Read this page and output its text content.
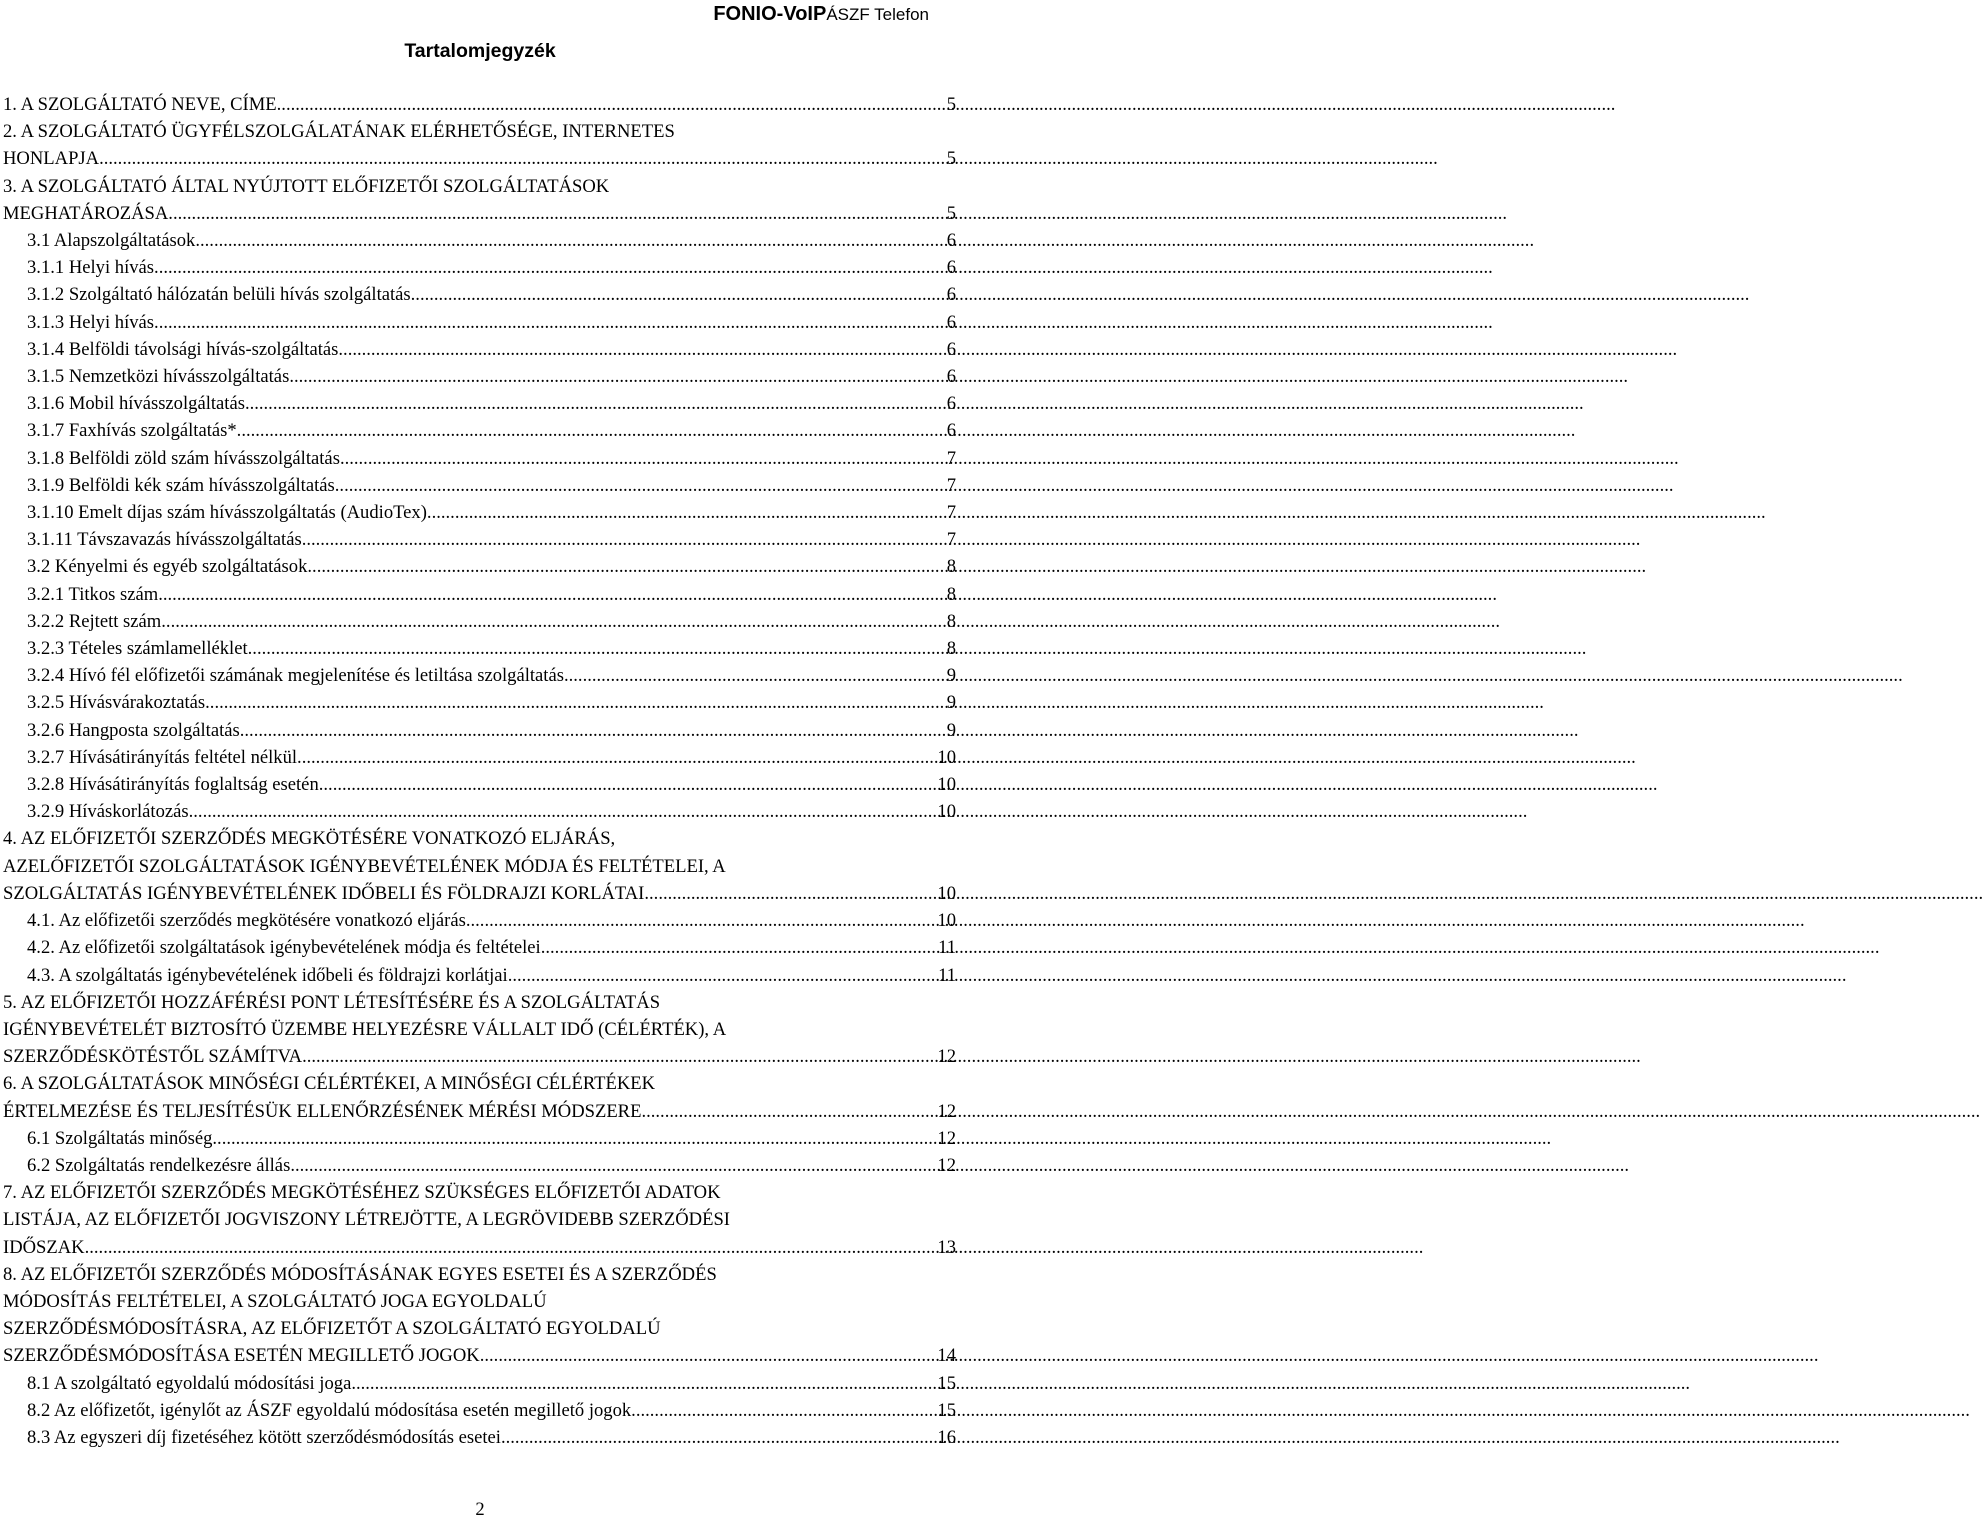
FONIO-VoIPÁSZF Telefon
Tartalomjegyzék
1. A SZOLGÁLTATÓ NEVE, CÍME .....	5
2. A SZOLGÁLTATÓ ÜGYFÉLSZOLGÁLATÁNAK ELÉRHETŐSÉGE, INTERNETES
HONLAPJA .....	5
3. A SZOLGÁLTATÓ ÁLTAL NYÚJTOTT ELŐFIZETŐI SZOLGÁLTATÁSOK
MEGHATÁROZÁSA .....	5
3.1 Alapszolgáltatások .....	6
3.1.1 Helyi hívás .....	6
3.1.2 Szolgáltató hálózatán belüli hívás szolgáltatás .....	6
3.1.3 Helyi hívás .....	6
3.1.4 Belföldi távolsági hívás-szolgáltatás .....	6
3.1.5 Nemzetközi hívásszolgáltatás .....	6
3.1.6 Mobil hívásszolgáltatás .....	6
3.1.7 Faxhívás szolgáltatás* .....	6
3.1.8 Belföldi zöld szám hívásszolgáltatás .....	7
3.1.9 Belföldi kék szám hívásszolgáltatás .....	7
3.1.10 Emelt díjas szám hívásszolgáltatás (AudioTex) .....	7
3.1.11 Távszavazás hívásszolgáltatás .....	7
3.2 Kényelmi és egyéb szolgáltatások .....	8
3.2.1 Titkos szám .....	8
3.2.2 Rejtett szám .....	8
3.2.3 Tételes számlamelléklet .....	8
3.2.4 Hívó fél előfizetői számának megjelenítése és letiltása szolgáltatás .....	9
3.2.5 Hívásvárakoztatás .....	9
3.2.6 Hangposta szolgáltatás .....	9
3.2.7 Hívásátirányítás feltétel nélkül .....	10
3.2.8 Hívásátirányítás foglaltság esetén .....	10
3.2.9 Híváskorlátozás .....	10
4. AZ ELŐFIZETŐI SZERZŐDÉS MEGKÖTÉSÉRE VONATKOZÓ ELJÁRÁS,
AZELŐFIZETŐI SZOLGÁLTATÁSOK IGÉNYBEVÉTELÉNEK MÓDJA ÉS FELTÉTELEI, A
SZOLGÁLTATÁS IGÉNYBEVÉTELÉNEK IDŐBELI ÉS FÖLDRAJZI KORLÁTAI .....	10
4.1. Az előfizetői szerződés megkötésére vonatkozó eljárás .....	10
4.2. Az előfizetői szolgáltatások igénybevételének módja és feltételei .....	11
4.3. A szolgáltatás igénybevételének időbeli és földrajzi korlátjai .....	11
5. AZ ELŐFIZETŐI HOZZÁFÉRÉSI PONT LÉTESÍTÉSÉRE ÉS A SZOLGÁLTATÁS
IGÉNYBEVÉTELÉT BIZTOSÍTÓ ÜZEMBE HELYEZÉSRE VÁLLALT IDŐ (CÉLÉRTÉK), A
SZERZŐDÉSKÖTÉSTŐL SZÁMÍTVA .....	12
6. A SZOLGÁLTATÁSOK MINŐSÉGI CÉLÉRTÉKEI, A MINŐSÉGI CÉLÉRTÉKEK
ÉRTELMEZÉSE ÉS TELJESÍTÉSÜK ELLENŐRZÉSÉNEK MÉRÉSI MÓDSZERE .....	12
6.1 Szolgáltatás minőség .....	12
6.2 Szolgáltatás rendelkezésre állás .....	12
7. AZ ELŐFIZETŐI SZERZŐDÉS MEGKÖTÉSÉHEZ SZÜKSÉGES ELŐFIZETŐI ADATOK
LISTÁJA, AZ ELŐFIZETŐI JOGVISZONY LÉTREJÖTTE, A LEGRÖVIDEBB SZERZŐDÉSI
IDŐSZAK .....	13
8. AZ ELŐFIZETŐI SZERZŐDÉS MÓDOSÍTÁSÁNAK EGYES ESETEI ÉS A SZERZŐDÉS
MÓDOSÍTÁS FELTÉTELEI, A SZOLGÁLTATÓ JOGA EGYOLDALÚ
SZERZŐDÉSMÓDOSÍTÁSRA, AZ ELŐFIZETŐT A SZOLGÁLTATÓ EGYOLDALÚ
SZERZŐDÉSMÓDOSÍTÁSA ESETÉN MEGILLETŐ JOGOK .....	14
8.1 A szolgáltató egyoldalú módosítási joga .....	15
8.2 Az előfizetőt, igénylőt az ÁSZF egyoldalú módosítása esetén megillető jogok .....	15
8.3 Az egyszeri díj fizetéséhez kötött szerződésmódosítás esetei .....	16
2
